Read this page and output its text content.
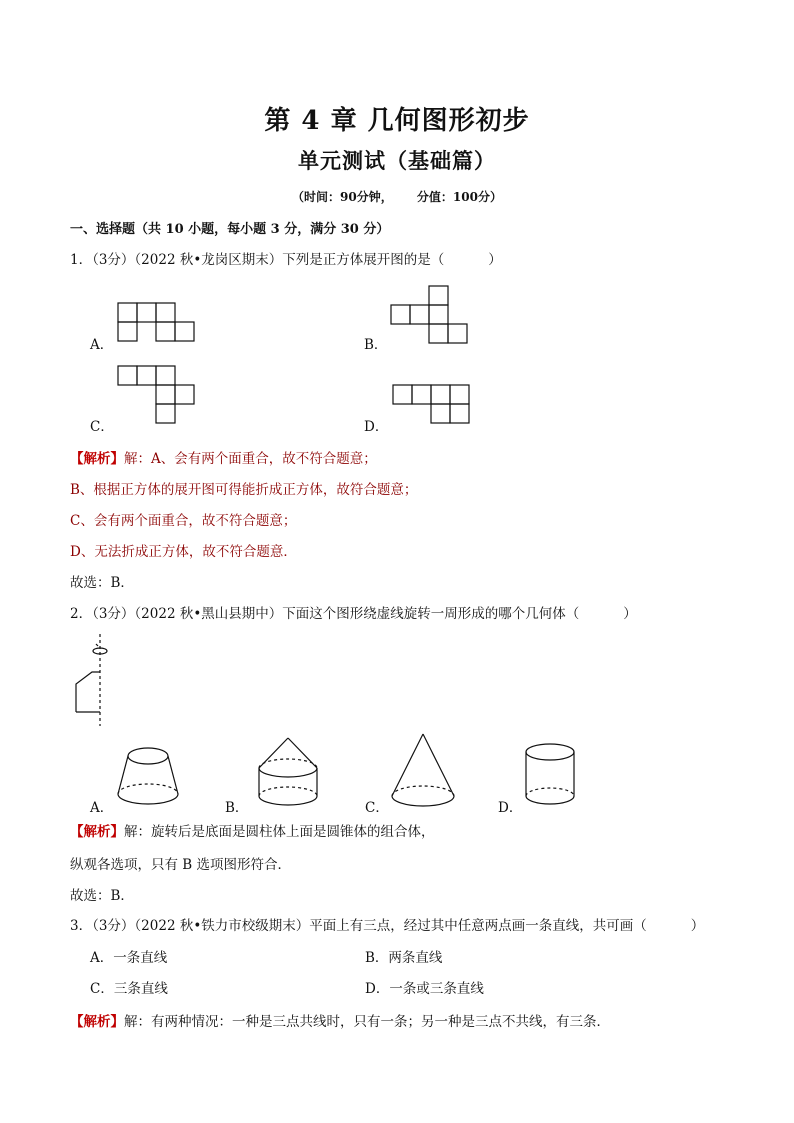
第 4 章 几何图形初步
单元测试（基础篇）
（时间：90分钟， 分值：100分）
一、选择题（共 10 小题，每小题 3 分，满分 30 分）
1．（3分）（2022 秋•龙岗区期末）下列是正方体展开图的是（	）
A．	B．
C．	D．
【解析】解：A、会有两个面重合，故不符合题意；
B、根据正方体的展开图可得能折成正方体，故符合题意；
C、会有两个面重合，故不符合题意；
D、无法折成正方体，故不符合题意．
故选：B．
2．（3分）（2022 秋•黑山县期中）下面这个图形绕虚线旋转一周形成的哪个几何体（	）
A．	B．	C．	D．
【解析】解：旋转后是底面是圆柱体上面是圆锥体的组合体，
纵观各选项，只有 B 选项图形符合．
故选：B．
3．（3分）（2022 秋•铁力市校级期末）平面上有三点，经过其中任意两点画一条直线，共可画（	）
A．一条直线	B．两条直线
C．三条直线	D．一条或三条直线
【解析】解：有两种情况：一种是三点共线时，只有一条；另一种是三点不共线，有三条．
